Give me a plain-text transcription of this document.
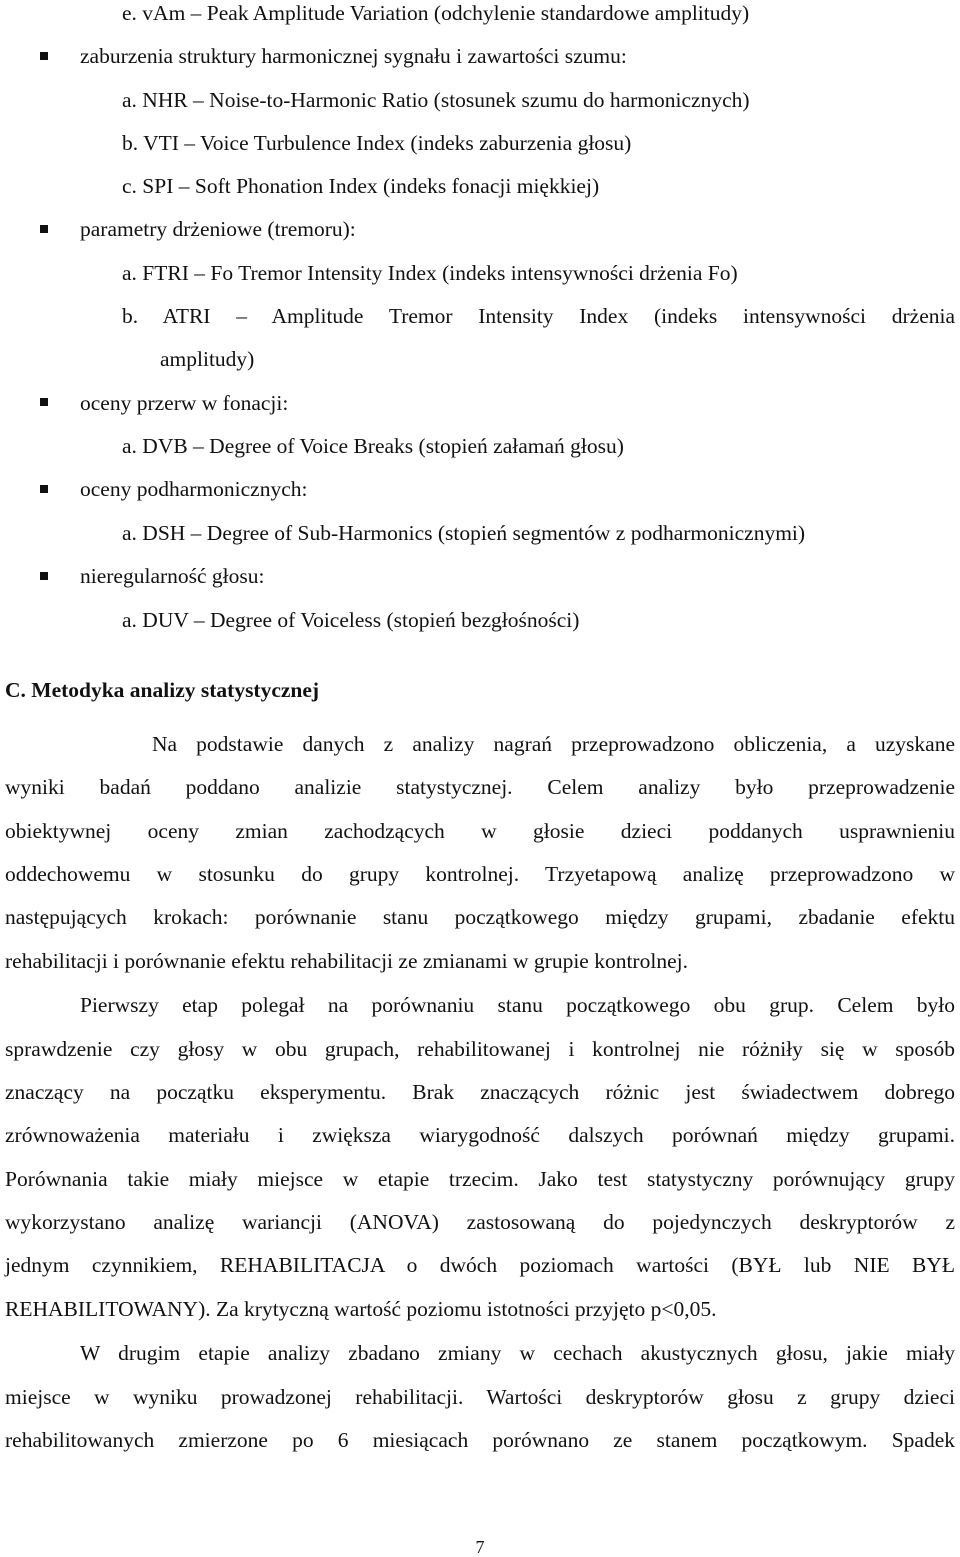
e. vAm – Peak Amplitude Variation (odchylenie standardowe amplitudy)
zaburzenia struktury harmonicznej sygnału i zawartości szumu:
a. NHR – Noise-to-Harmonic Ratio (stosunek szumu do harmonicznych)
b. VTI – Voice Turbulence Index (indeks zaburzenia głosu)
c. SPI – Soft Phonation Index (indeks fonacji miękkiej)
parametry drżeniowe (tremoru):
a. FTRI – Fo Tremor Intensity Index (indeks intensywności drżenia Fo)
b. ATRI – Amplitude Tremor Intensity Index (indeks intensywności drżenia
amplitudy)
oceny przerw w fonacji:
a. DVB – Degree of Voice Breaks (stopień załamań głosu)
oceny podharmonicznych:
a. DSH – Degree of Sub-Harmonics (stopień segmentów z podharmonicznymi)
nieregularność głosu:
a. DUV – Degree of Voiceless (stopień bezgłośności)
C. Metodyka analizy statystycznej
Na podstawie danych z analizy nagrań przeprowadzono obliczenia, a uzyskane
wyniki badań poddano analizie statystycznej. Celem analizy było przeprowadzenie
obiektywnej oceny zmian zachodzących w głosie dzieci poddanych usprawnieniu
oddechowemu w stosunku do grupy kontrolnej. Trzyetapową analizę przeprowadzono w
następujących krokach: porównanie stanu początkowego między grupami, zbadanie efektu
rehabilitacji i porównanie efektu rehabilitacji ze zmianami w grupie kontrolnej.
Pierwszy etap polegał na porównaniu stanu początkowego obu grup. Celem było
sprawdzenie czy głosy w obu grupach, rehabilitowanej i kontrolnej nie różniły się w sposób
znaczący na początku eksperymentu. Brak znaczących różnic jest świadectwem dobrego
zrównoważenia materiału i zwiększa wiarygodność dalszych porównań między grupami.
Porównania takie miały miejsce w etapie trzecim. Jako test statystyczny porównujący grupy
wykorzystano analizę wariancji (ANOVA) zastosowaną do pojedynczych deskryptorów z
jednym czynnikiem, REHABILITACJA o dwóch poziomach wartości (BYŁ lub NIE BYŁ
REHABILITOWANY). Za krytyczną wartość poziomu istotności przyjęto p<0,05.
W drugim etapie analizy zbadano zmiany w cechach akustycznych głosu, jakie miały
miejsce w wyniku prowadzonej rehabilitacji. Wartości deskryptorów głosu z grupy dzieci
rehabilitowanych zmierzone po 6 miesiącach porównano ze stanem początkowym. Spadek
7
